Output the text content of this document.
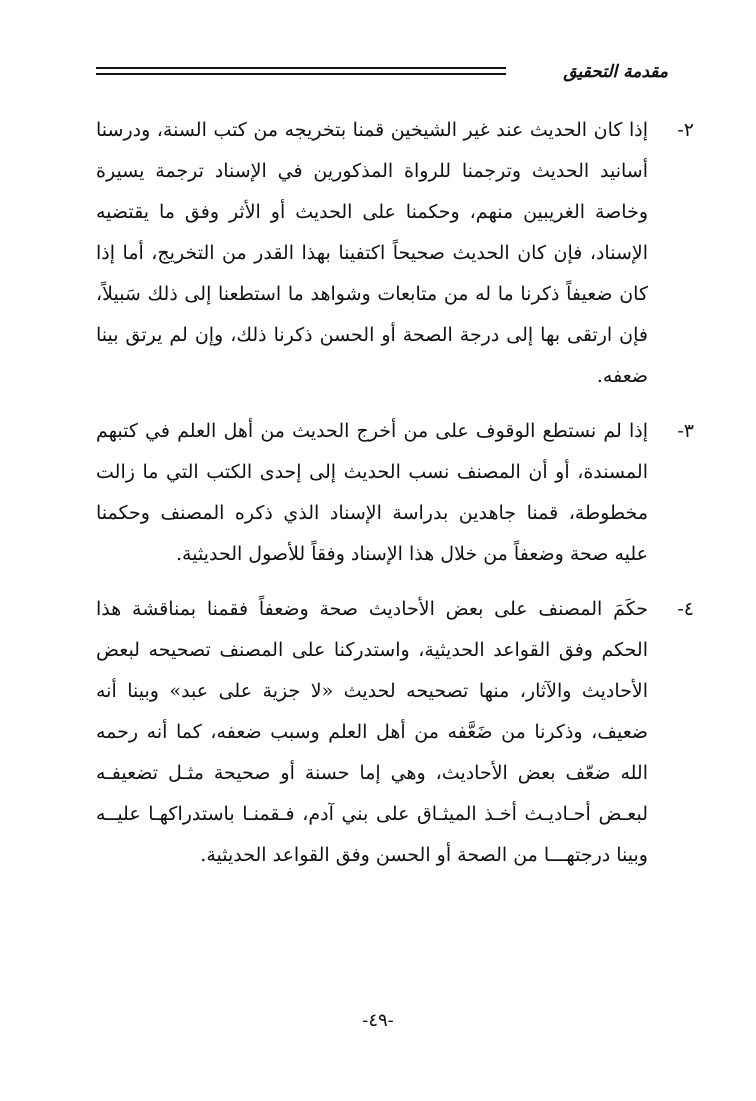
مقدمة التحقيق
٢-
إذا كان الحديث عند غير الشيخين قمنا بتخريجه من كتب السنة، ودرسنا أسانيد الحديث وترجمنا للرواة المذكورين في الإسناد ترجمة يسيرة وخاصة الغريبين منهم، وحكمنا على الحديث أو الأثر وفق ما يقتضيه الإسناد، فإن كان الحديث صحيحاً اكتفينا بهذا القدر من التخريج، أما إذا كان ضعيفاً ذكرنا ما له من متابعات وشواهد ما استطعنا إلى ذلك سَبيلاً، فإن ارتقى بها إلى درجة الصحة أو الحسن ذكرنا ذلك، وإن لم يرتق بينا ضعفه.
٣-
إذا لم نستطع الوقوف على من أخرج الحديث من أهل العلم في كتبهم المسندة، أو أن المصنف نسب الحديث إلى إحدى الكتب التي ما زالت مخطوطة، قمنا جاهدين بدراسة الإسناد الذي ذكره المصنف وحكمنا عليه صحة وضعفاً من خلال هذا الإسناد وفقاً للأصول الحديثية.
٤-
حكَمَ المصنف على بعض الأحاديث صحة وضعفاً فقمنا بمناقشة هذا الحكم وفق القواعد الحديثية، واستدركنا على المصنف تصحيحه لبعض الأحاديث والآثار، منها تصحيحه لحديث «لا جزية على عبد» وبينا أنه ضعيف، وذكرنا من ضَعَّفه من أهل العلم وسبب ضعفه، كما أنه رحمه الله ضعّف بعض الأحاديث، وهي إما حسنة أو صحيحة مثـل تضعيفـه لبعـض أحـاديـث أخـذ الميثـاق على بني آدم، فـقمنـا باستدراكهـا عليــه وبينا درجتهـــا من الصحة أو الحسن وفق القواعد الحديثية.
-٤٩-
